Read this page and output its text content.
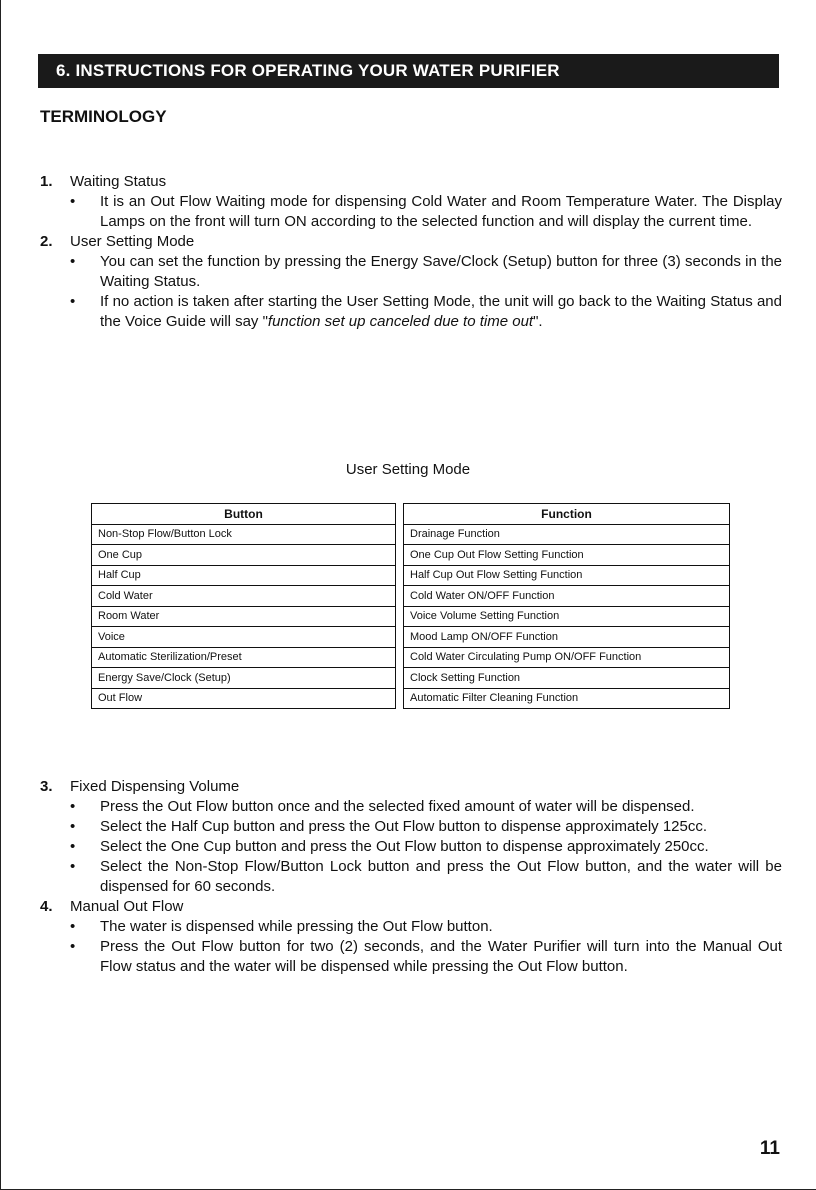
6. INSTRUCTIONS FOR OPERATING YOUR WATER PURIFIER
TERMINOLOGY
1. Waiting Status
• It is an Out Flow Waiting mode for dispensing Cold Water and Room Temperature Water. The Display Lamps on the front will turn ON according to the selected function and will display the current time.
2. User Setting Mode
• You can set the function by pressing the Energy Save/Clock (Setup) button for three (3) seconds in the Waiting Status.
• If no action is taken after starting the User Setting Mode, the unit will go back to the Waiting Status and the Voice Guide will say "function set up canceled due to time out".
User Setting Mode
Button		Function
Non-Stop Flow/Button Lock		Drainage Function
One Cup		One Cup Out Flow Setting Function
Half Cup		Half Cup Out Flow Setting Function
Cold Water		Cold Water ON/OFF Function
Room Water		Voice Volume Setting Function
Voice		Mood Lamp ON/OFF Function
Automatic Sterilization/Preset		Cold Water Circulating Pump ON/OFF Function
Energy Save/Clock (Setup)		Clock Setting Function
Out Flow		Automatic Filter Cleaning Function
3. Fixed Dispensing Volume
• Press the Out Flow button once and the selected fixed amount of water will be dispensed.
• Select the Half Cup button and press the Out Flow button to dispense approximately 125cc.
• Select the One Cup button and press the Out Flow button to dispense approximately 250cc.
• Select the Non-Stop Flow/Button Lock button and press the Out Flow button, and the water will be dispensed for 60 seconds.
4. Manual Out Flow
• The water is dispensed while pressing the Out Flow button.
• Press the Out Flow button for two (2) seconds, and the Water Purifier will turn into the Manual Out Flow status and the water will be dispensed while pressing the Out Flow button.
11
